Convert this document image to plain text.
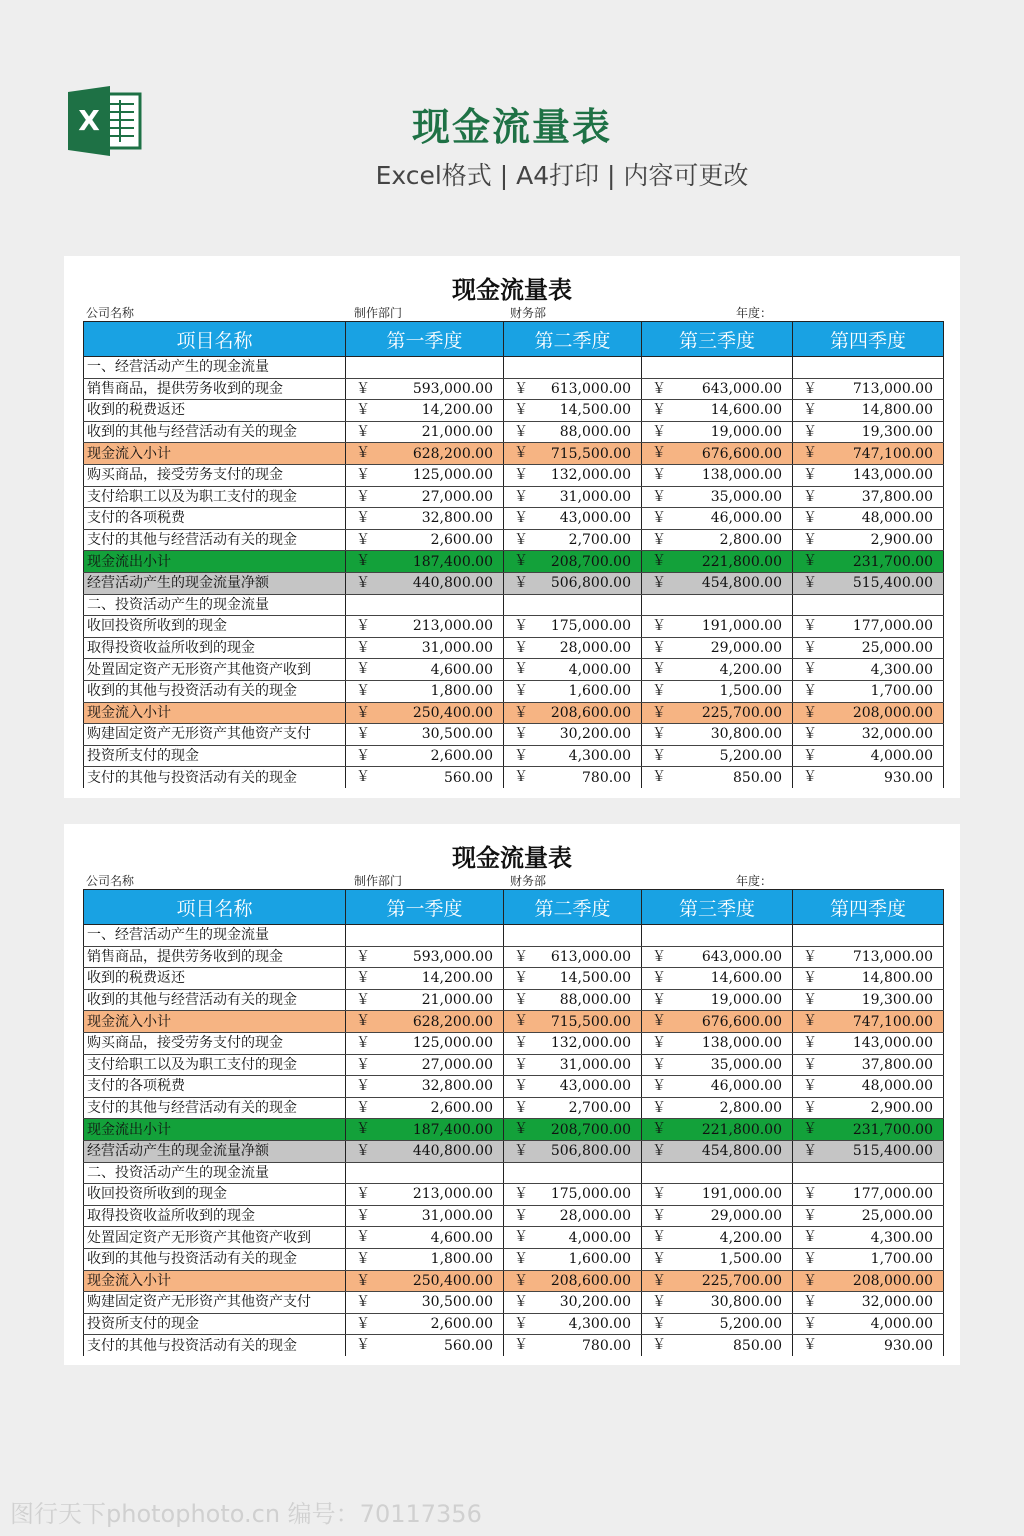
X	现金流量表
Excel格式 | A4打印 | 内容可更改
现金流量表
公司名称	制作部门	财务部	年度：
项目名称	第一季度	第二季度	第三季度	第四季度
一、经营活动产生的现金流量				
销售商品，提供劳务收到的现金	￥ 593,000.00	￥ 613,000.00	￥ 643,000.00	￥ 713,000.00
收到的税费返还	￥ 14,200.00	￥ 14,500.00	￥ 14,600.00	￥ 14,800.00
收到的其他与经营活动有关的现金	￥ 21,000.00	￥ 88,000.00	￥ 19,000.00	￥ 19,300.00
现金流入小计	￥ 628,200.00	￥ 715,500.00	￥ 676,600.00	￥ 747,100.00
购买商品，接受劳务支付的现金	￥ 125,000.00	￥ 132,000.00	￥ 138,000.00	￥ 143,000.00
支付给职工以及为职工支付的现金	￥ 27,000.00	￥ 31,000.00	￥ 35,000.00	￥ 37,800.00
支付的各项税费	￥ 32,800.00	￥ 43,000.00	￥ 46,000.00	￥ 48,000.00
支付的其他与经营活动有关的现金	￥ 2,600.00	￥ 2,700.00	￥ 2,800.00	￥ 2,900.00
现金流出小计	￥ 187,400.00	￥ 208,700.00	￥ 221,800.00	￥ 231,700.00
经营活动产生的现金流量净额	￥ 440,800.00	￥ 506,800.00	￥ 454,800.00	￥ 515,400.00
二、投资活动产生的现金流量				
收回投资所收到的现金	￥ 213,000.00	￥ 175,000.00	￥ 191,000.00	￥ 177,000.00
取得投资收益所收到的现金	￥ 31,000.00	￥ 28,000.00	￥ 29,000.00	￥ 25,000.00
处置固定资产无形资产其他资产收到	￥ 4,600.00	￥ 4,000.00	￥ 4,200.00	￥ 4,300.00
收到的其他与投资活动有关的现金	￥ 1,800.00	￥ 1,600.00	￥ 1,500.00	￥ 1,700.00
现金流入小计	￥ 250,400.00	￥ 208,600.00	￥ 225,700.00	￥ 208,000.00
购建固定资产无形资产其他资产支付	￥ 30,500.00	￥ 30,200.00	￥ 30,800.00	￥ 32,000.00
投资所支付的现金	￥ 2,600.00	￥ 4,300.00	￥ 5,200.00	￥ 4,000.00
支付的其他与投资活动有关的现金	￥ 560.00	￥ 780.00	￥ 850.00	￥ 930.00
现金流量表
公司名称	制作部门	财务部	年度：
项目名称	第一季度	第二季度	第三季度	第四季度
一、经营活动产生的现金流量				
销售商品，提供劳务收到的现金	￥ 593,000.00	￥ 613,000.00	￥ 643,000.00	￥ 713,000.00
收到的税费返还	￥ 14,200.00	￥ 14,500.00	￥ 14,600.00	￥ 14,800.00
收到的其他与经营活动有关的现金	￥ 21,000.00	￥ 88,000.00	￥ 19,000.00	￥ 19,300.00
现金流入小计	￥ 628,200.00	￥ 715,500.00	￥ 676,600.00	￥ 747,100.00
购买商品，接受劳务支付的现金	￥ 125,000.00	￥ 132,000.00	￥ 138,000.00	￥ 143,000.00
支付给职工以及为职工支付的现金	￥ 27,000.00	￥ 31,000.00	￥ 35,000.00	￥ 37,800.00
支付的各项税费	￥ 32,800.00	￥ 43,000.00	￥ 46,000.00	￥ 48,000.00
支付的其他与经营活动有关的现金	￥ 2,600.00	￥ 2,700.00	￥ 2,800.00	￥ 2,900.00
现金流出小计	￥ 187,400.00	￥ 208,700.00	￥ 221,800.00	￥ 231,700.00
经营活动产生的现金流量净额	￥ 440,800.00	￥ 506,800.00	￥ 454,800.00	￥ 515,400.00
二、投资活动产生的现金流量				
收回投资所收到的现金	￥ 213,000.00	￥ 175,000.00	￥ 191,000.00	￥ 177,000.00
取得投资收益所收到的现金	￥ 31,000.00	￥ 28,000.00	￥ 29,000.00	￥ 25,000.00
处置固定资产无形资产其他资产收到	￥ 4,600.00	￥ 4,000.00	￥ 4,200.00	￥ 4,300.00
收到的其他与投资活动有关的现金	￥ 1,800.00	￥ 1,600.00	￥ 1,500.00	￥ 1,700.00
现金流入小计	￥ 250,400.00	￥ 208,600.00	￥ 225,700.00	￥ 208,000.00
购建固定资产无形资产其他资产支付	￥ 30,500.00	￥ 30,200.00	￥ 30,800.00	￥ 32,000.00
投资所支付的现金	￥ 2,600.00	￥ 4,300.00	￥ 5,200.00	￥ 4,000.00
支付的其他与投资活动有关的现金	￥ 560.00	￥ 780.00	￥ 850.00	￥ 930.00
图行天下photophoto.cn 编号：70117356
